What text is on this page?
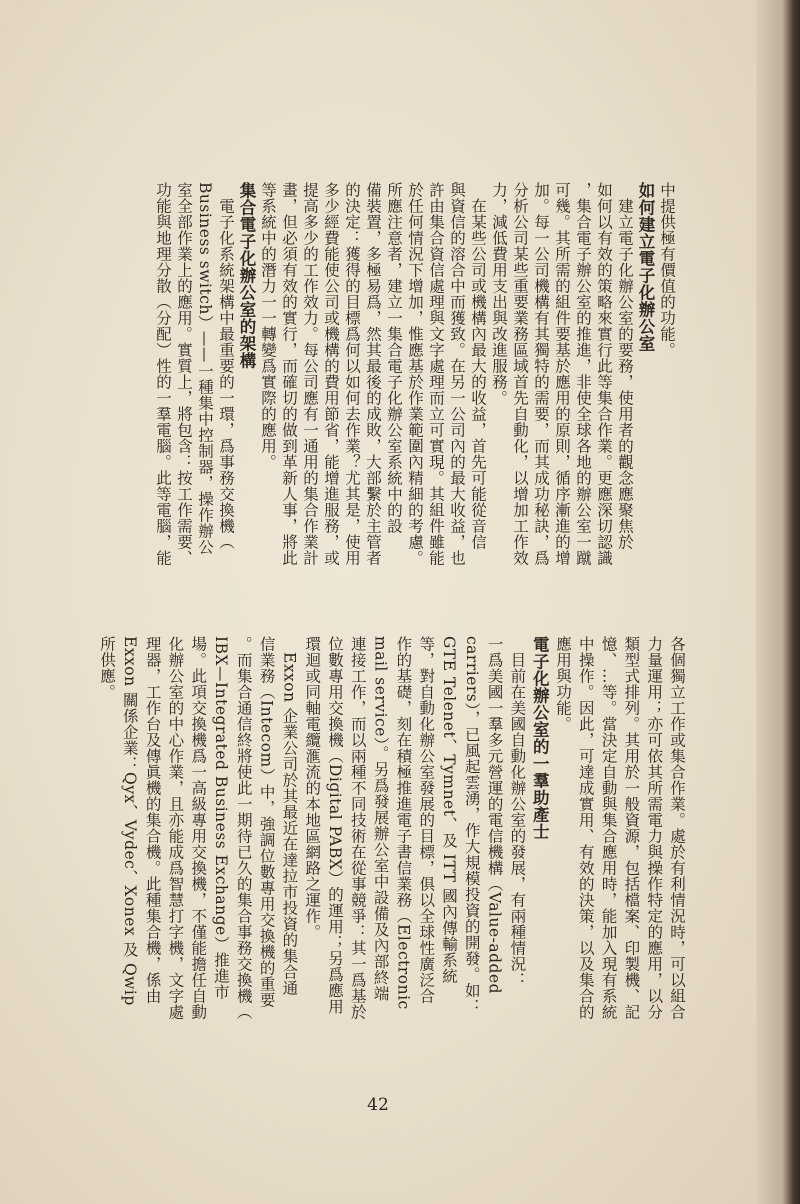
中提供極有價值的功能。
如何建立電子化辦公室
　建立電子化辦公室的要務，使用者的觀念應聚焦於
如何以有效的策略來實行此等集合作業。更應深切認識
，集合電子辦公室的推進，非使全球各地的辦公室一蹴
可幾。其所需的組件要基於應用的原則，循序漸進的增
加。每一公司機構有其獨特的需要，而其成功秘訣，爲
分析公司某些重要業務區域首先自動化，以增加工作效
力，減低費用支出與改進服務。
　在某些公司或機構內最大的收益，首先可能從音信
與資信的溶合中而獲致。在另一公司內的最大收益，也
許由集合資信處理與文字處理而立可實現。其組件雖能
於任何情況下增加，惟應基於作業範圍內精細的考慮。
所應注意者，建立一集合電子化辦公室系統中的設
備裝置，多極易爲，然其最後的成敗，大部繫於主管者
的決定：獲得的目標爲何以如何去作業？尤其是，使用
多少經費能使公司或機構的費用節省，能增進服務，或
提高多少的工作效力。每公司應有一通用的集合作業計
畫，但必須有效的實行，而確切的做到革新人事，將此
等系統中的潛力一一轉變爲實際的應用。
集合電子化辦公室的架構
　電子化系統架構中最重要的一環，爲事務交換機（
Business switch）——一種集中控制器，操作辦公
室全部作業上的應用。實質上，將包含：按工作需要、
功能與地理分散（分配）性的一羣電腦。此等電腦，能
各個獨立工作或集合作業。處於有利情況時，可以組合
力量運用；亦可依其所需電力與操作特定的應用，以分
類型式排列。其用於一般資源，包括檔案、印製機、記
憶、…等。當決定自動與集合應用時，能加入現有系統
中操作。因此，可達成實用、有效的決策，以及集合的
應用與功能。
電子化辦公室的一羣助產士
　目前在美國自動化辦公室的發展，有兩種情況：
一爲美國一羣多元營運的電信機構（Value-added
carriers），已風起雲湧，作大規模投資的開發。如：
GTE Telenet、Tymnet、及 ITT 國內傳輸系統
等，對自動化辦公室發展的目標，俱以全球性廣泛合
作的基礎，刻在積極推進電子書信業務（Electronic
mail service）。另爲發展辦公室中設備及內部終端
連接工作，而以兩種不同技術在從事競爭：其一爲基於
位數專用交換機（Digital PABX）的運用；另爲應用
環迴或同軸電纜滙流的本地區網路之運作。
　Exxon 企業公司於其最近在達拉市投資的集合通
信業務（Intecom）中，強調位數專用交換機的重要
。而集合通信終將使此一期待已久的集合事務交換機（
IBX—Integrated Business Exchange）推進市
場。此項交換機爲一高級專用交換機，不僅能擔任自動
化辦公室的中心作業，且亦能成爲智慧打字機，文字處
理器，工作台及傳眞機的集合機。此種集合機，係由
Exxon 關係企業：Qyx、Vydec、Xonex 及 Qwip
所供應。
42
